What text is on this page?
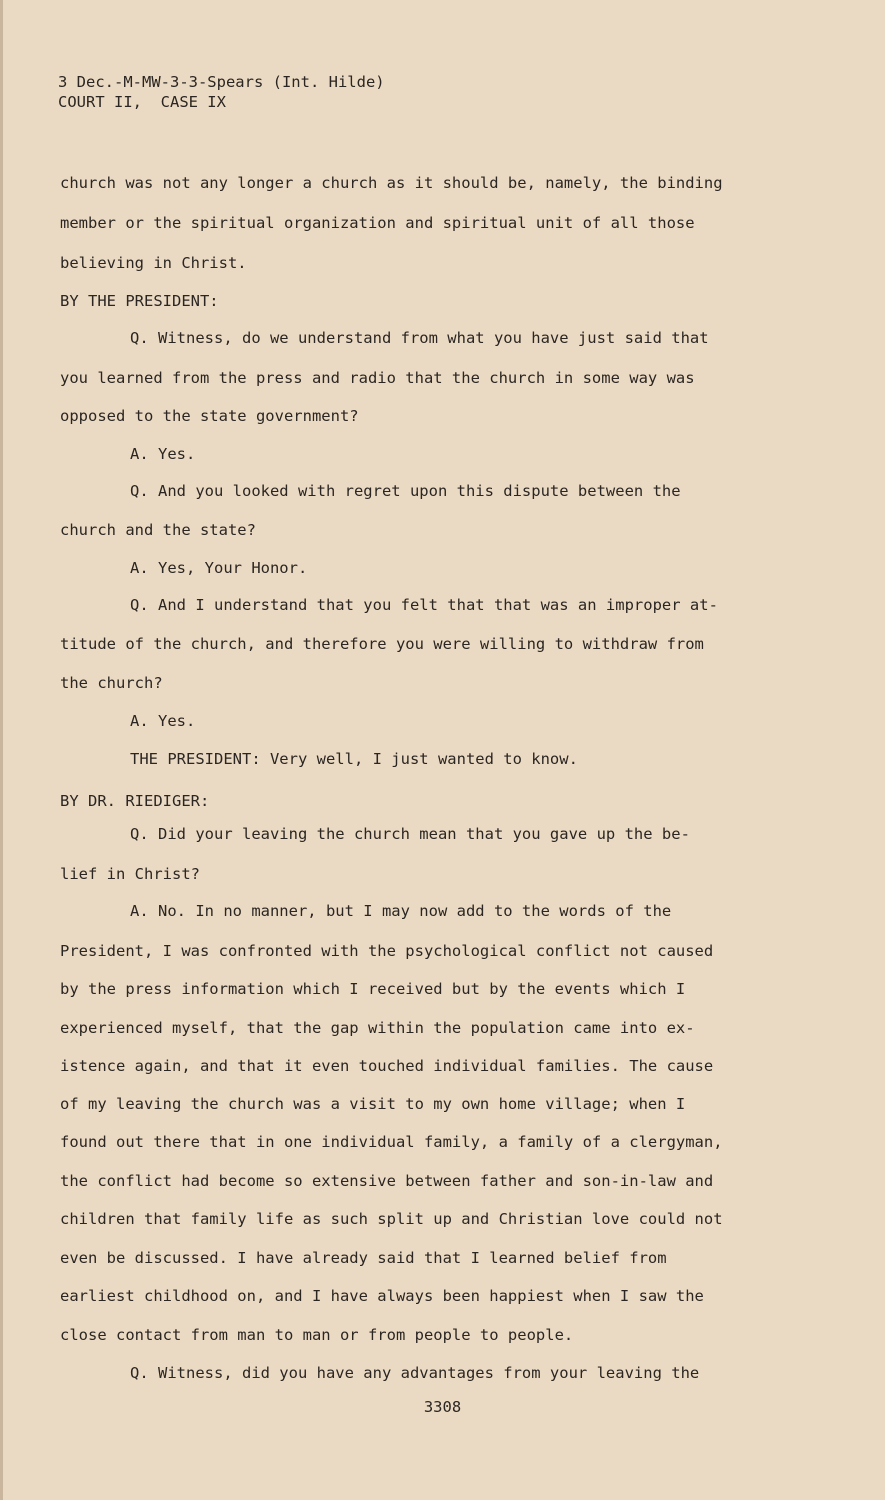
3 Dec.-M-MW-3-3-Spears (Int. Hilde)
COURT II,  CASE IX
church was not any longer a church as it should be, namely, the binding
member or the spiritual organization and spiritual unit of all those
believing in Christ.
BY THE PRESIDENT:
Q. Witness, do we understand from what you have just said that
you learned from the press and radio that the church in some way was
opposed to the state government?
A. Yes.
Q. And you looked with regret upon this dispute between the
church and the state?
A. Yes, Your Honor.
Q. And I understand that you felt that that was an improper at-
titude of the church, and therefore you were willing to withdraw from
the church?
A. Yes.
THE PRESIDENT: Very well, I just wanted to know.
BY DR. RIEDIGER:
Q. Did your leaving the church mean that you gave up the be-
lief in Christ?
A. No. In no manner, but I may now add to the words of the
President, I was confronted with the psychological conflict not caused
by the press information which I received but by the events which I
experienced myself, that the gap within the population came into ex-
istence again, and that it even touched individual families. The cause
of my leaving the church was a visit to my own home village; when I
found out there that in one individual family, a family of a clergyman,
the conflict had become so extensive between father and son-in-law and
children that family life as such split up and Christian love could not
even be discussed. I have already said that I learned belief from
earliest childhood on, and I have always been happiest when I saw the
close contact from man to man or from people to people.
Q. Witness, did you have any advantages from your leaving the
3308
